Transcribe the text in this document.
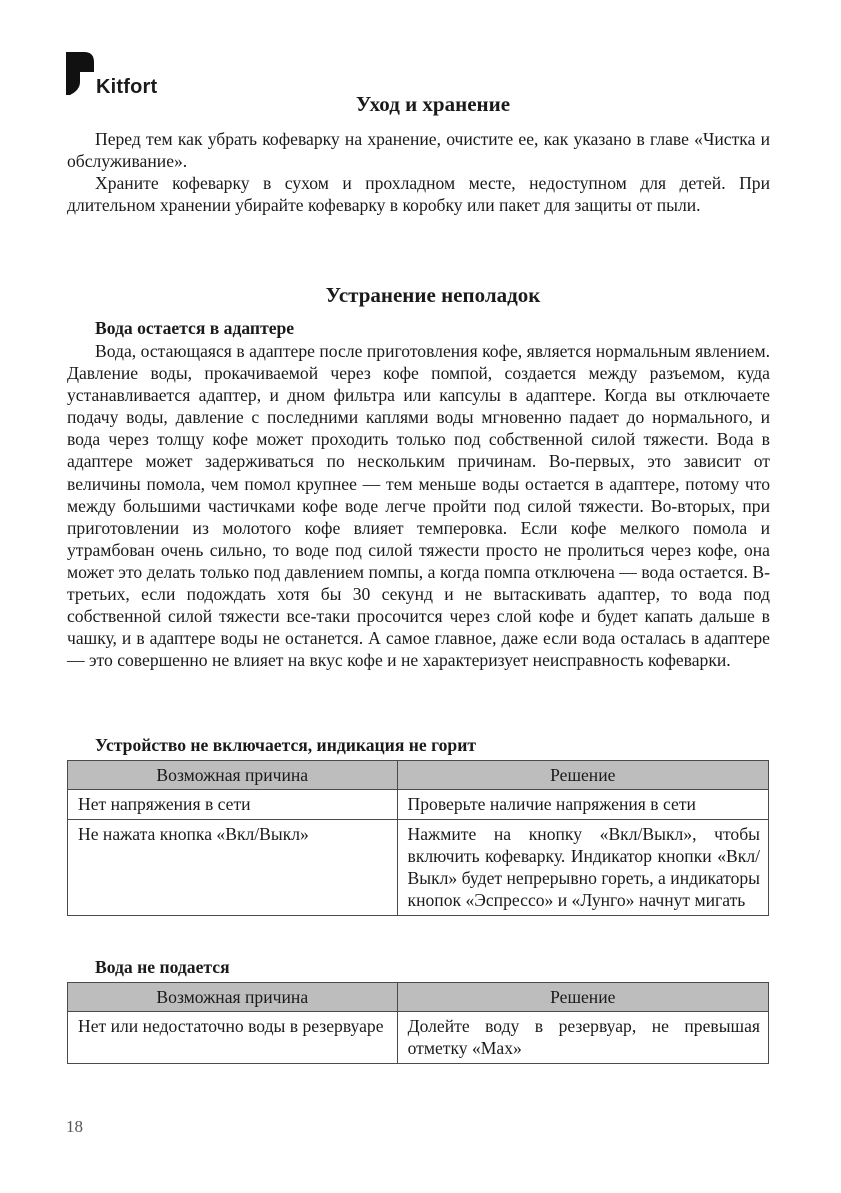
Kitfort
Уход и хранение

Перед тем как убрать кофеварку на хранение, очистите ее, как указано в главе «Чистка и обслуживание».

Храните кофеварку в сухом и прохладном месте, недоступном для детей. При длительном хранении убирайте кофеварку в коробку или пакет для защиты от пыли.

Устранение неполадок
Вода остается в адаптере

Вода, остающаяся в адаптере после приготовления кофе, является нормальным явлением. Давление воды, прокачиваемой через кофе помпой, создается между разъемом, куда устанавливается адаптер, и дном фильтра или капсулы в адаптере. Когда вы отключаете подачу воды, давление с последними каплями воды мгновенно падает до нормального, и вода через толщу кофе может проходить только под собственной силой тяжести. Вода в адаптере может задерживаться по нескольким причинам. Во-первых, это зависит от величины помола, чем помол крупнее — тем меньше воды остается в адаптере, потому что между большими частичками кофе воде легче пройти под силой тяжести. Во-вторых, при приготовлении из молотого кофе влияет темперовка. Если кофе мелкого помола и утрамбован очень сильно, то воде под силой тяжести просто не пролиться через кофе, она может это делать только под давлением помпы, а когда помпа отключена — вода остается. В-третьих, если подождать хотя бы 30 секунд и не вытаскивать адаптер, то вода под собственной силой тяжести все-таки просочится через слой кофе и будет капать дальше в чашку, и в адаптере воды не останется. А самое главное, даже если вода осталась в адаптере — это совершенно не влияет на вкус кофе и не характеризует неисправность кофеварки.

Устройство не включается, индикация не горит
Возможная причина	Решение
Нет напряжения в сети	Проверьте наличие напряжения в сети
Не нажата кнопка «Вкл/Выкл»	Нажмите на кнопку «Вкл/Выкл», чтобы включить кофеварку. Индикатор кнопки «Вкл/Выкл» будет непрерывно гореть, а индикаторы кнопок «Эспрессо» и «Лунго» начнут мигать
Вода не подается
Возможная причина	Решение
Нет или недостаточно воды в резервуаре	Долейте воду в резервуар, не превышая отметку «Max»
18
